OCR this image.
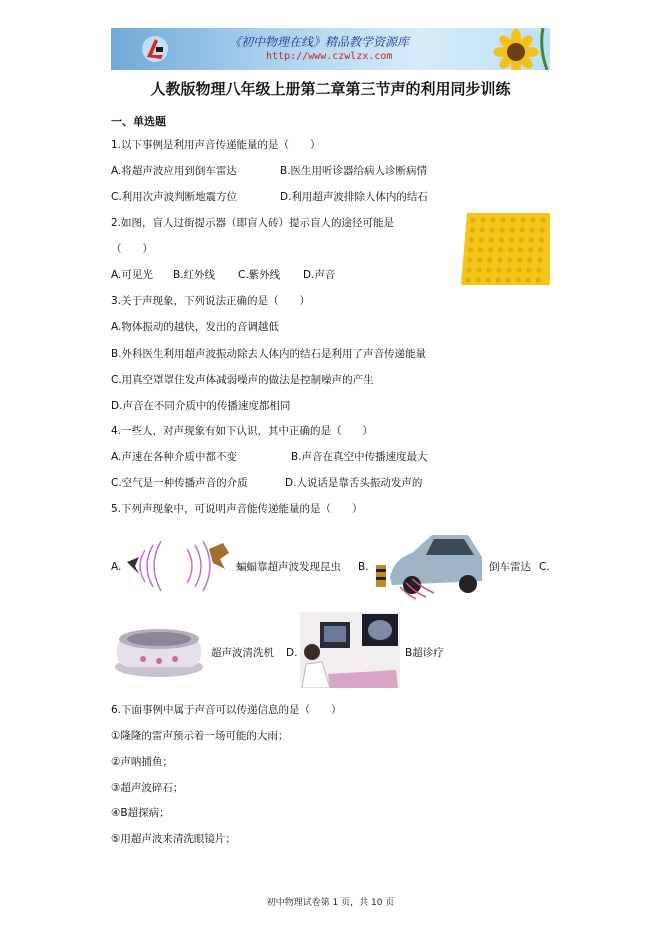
《初中物理在线》精品教学资源库
http://www.czwlzx.com
人教版物理八年级上册第二章第三节声的利用同步训练
一、单选题
1.以下事例是利用声音传递能量的是（　　）
A.将超声波应用到倒车雷达	B.医生用听诊器给病人诊断病情
C.利用次声波判断地震方位	D.利用超声波排除人体内的结石
2.如图，盲人过街提示器（即盲人砖）提示盲人的途径可能是
（　　）
A.可见光 B.红外线 C.紫外线 D.声音
3.关于声现象，下列说法正确的是（　　）
A.物体振动的越快，发出的音调越低
B.外科医生利用超声波振动除去人体内的结石是利用了声音传递能量
C.用真空罩罩住发声体减弱噪声的做法是控制噪声的产生
D.声音在不同介质中的传播速度都相同
4.一些人，对声现象有如下认识，其中正确的是（　　）
A.声速在各种介质中都不变	B.声音在真空中传播速度最大
C.空气是一种传播声音的介质	D.人说话是靠舌头振动发声的
5.下列声现象中，可说明声音能传递能量的是（　　）
A.	蝙蝠靠超声波发现昆虫 B.	倒车雷达 C.
超声波清洗机 D.	B超诊疗
6.下面事例中属于声音可以传递信息的是（　　）
①隆隆的雷声预示着一场可能的大雨；
②声呐捕鱼；
③超声波碎石；
④B超探病；
⑤用超声波来清洗眼镜片；
初中物理试卷第 1 页，共 10 页
